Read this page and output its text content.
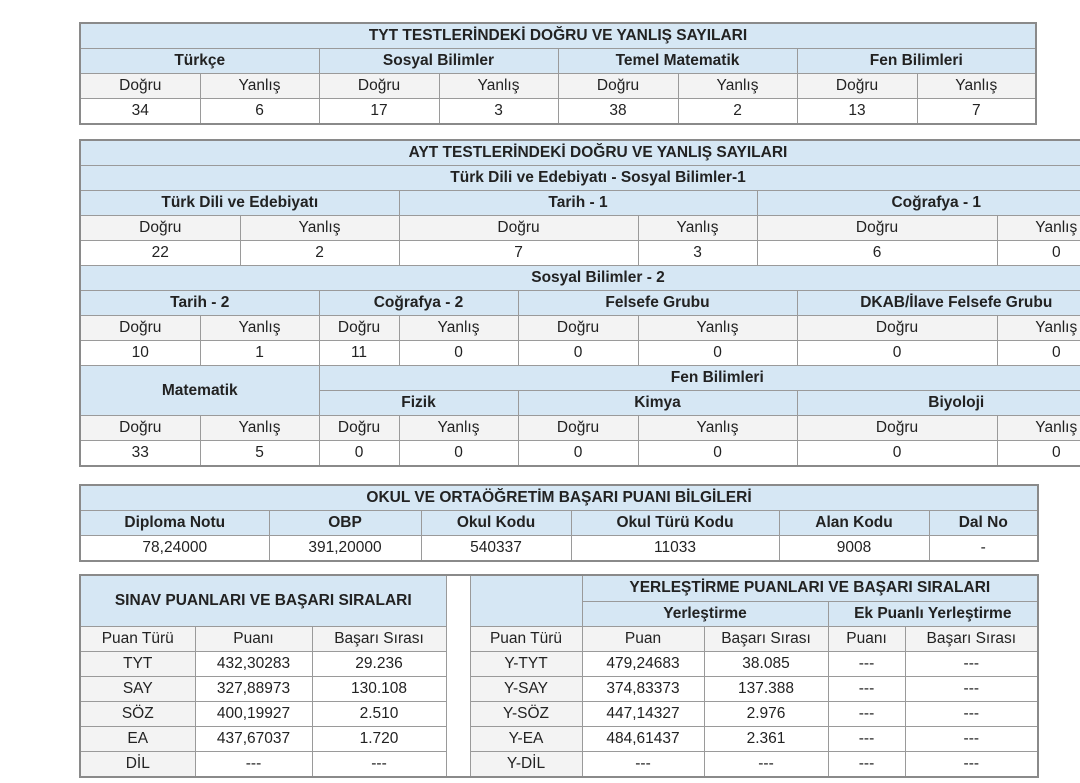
TYT TESTLERİNDEKİ DOĞRU VE YANLIŞ SAYILARI							
Türkçe		Sosyal Bilimler		Temel Matematik		Fen Bilimleri	
Doğru	Yanlış	Doğru	Yanlış	Doğru	Yanlış	Doğru	Yanlış
34	6	17	3	38	2	13	7
AYT TESTLERİNDEKİ DOĞRU VE YANLIŞ SAYILARI									
Türk Dili ve Edebiyatı - Sosyal Bilimler-1									
Türk Dili ve Edebiyatı				Tarih - 1			Coğrafya - 1		
Doğru		Yanlış		Doğru		Yanlış	Doğru		Yanlış
22		2		7		3	6		0
Sosyal Bilimler - 2									
Tarih - 2			Coğrafya - 2		Felsefe Grubu			DKAB/İlave Felsefe Grubu	
Doğru	Yanlış		Doğru	Yanlış	Doğru	Yanlış		Doğru	Yanlış
10	1		11	0	0	0		0	0
Matematik			Fen Bilimleri						
			Fizik		Kimya			Biyoloji	
Doğru	Yanlış		Doğru	Yanlış	Doğru	Yanlış		Doğru	Yanlış
33	5		0	0	0	0		0	0
OKUL VE ORTAÖĞRETİM BAŞARI PUANI BİLGİLERİ					
Diploma Notu	OBP	Okul Kodu	Okul Türü Kodu	Alan Kodu	Dal No
78,24000	391,20000	540337	11033	9008	-
SINAV PUANLARI VE BAŞARI SIRALARI					YERLEŞTİRME PUANLARI VE BAŞARI SIRALARI			
					Yerleştirme		Ek Puanlı Yerleştirme	
Puan Türü	Puanı	Başarı Sırası		Puan Türü	Puan	Başarı Sırası	Puanı	Başarı Sırası
TYT	432,30283	29.236		Y-TYT	479,24683	38.085	---	---
SAY	327,88973	130.108		Y-SAY	374,83373	137.388	---	---
SÖZ	400,19927	2.510		Y-SÖZ	447,14327	2.976	---	---
EA	437,67037	1.720		Y-EA	484,61437	2.361	---	---
DİL	---	---		Y-DİL	---	---	---	---
